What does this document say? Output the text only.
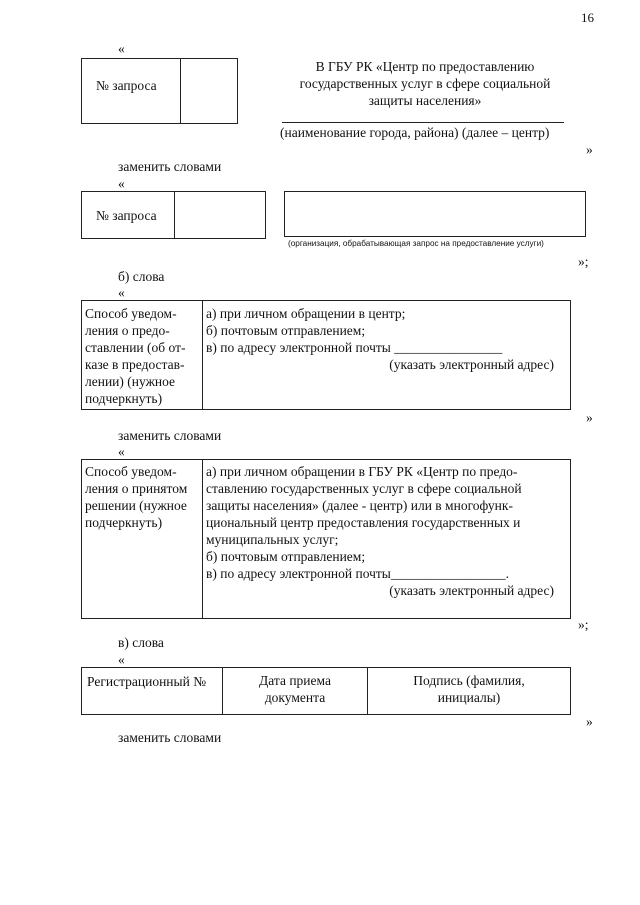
16
«
№ запроса
В ГБУ РК «Центр по предоставлению
государственных услуг в сфере социальной
защиты населения»
(наименование города, района) (далее – центр)
»
заменить словами
«
№ запроса
(организация, обрабатывающая запрос на предоставление услуги)
»;
б) слова
«
Способ уведом-
ления о предо-
ставлении (об от-
казе в предостав-
лении) (нужное
подчеркнуть)
а) при личном обращении в центр;
б) почтовым отправлением;
в) по адресу электронной почты ________________
(указать электронный адрес)
»
заменить словами
«
Способ уведом-
ления о принятом
решении (нужное
подчеркнуть)
а) при личном обращении в ГБУ РК «Центр по предо-
ставлению государственных услуг в сфере социальной
защиты населения» (далее - центр) или в многофунк-
циональный центр предоставления государственных и
муниципальных услуг;
б) почтовым отправлением;
в) по адресу электронной почты_________________.
(указать электронный адрес)
»;
в) слова
«
Регистрационный №	Дата приема
документа
Подпись (фамилия,
инициалы)
»
заменить словами
